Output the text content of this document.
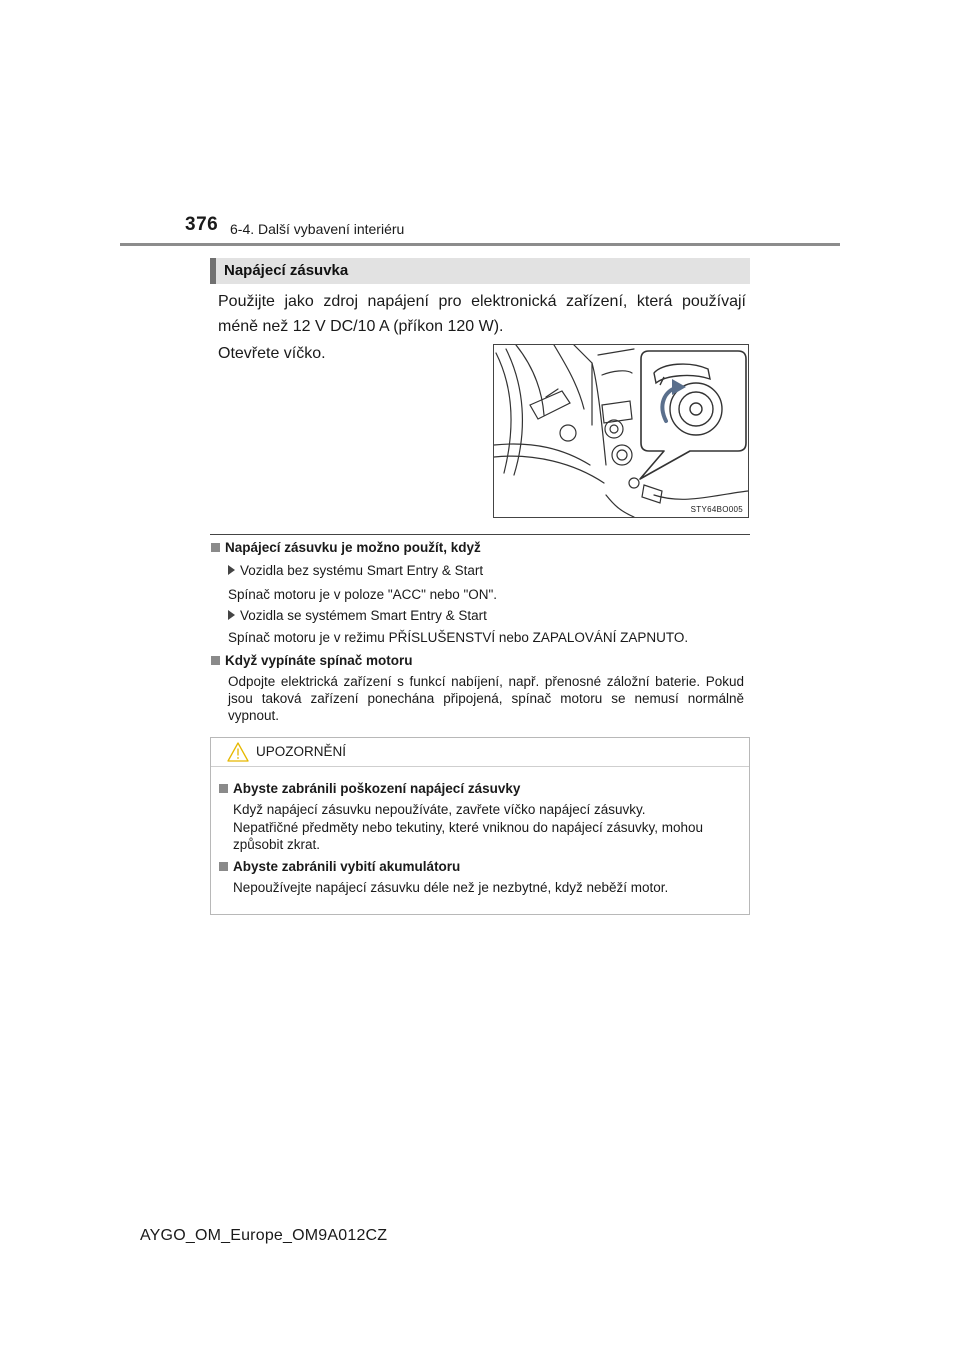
376 6-4. Další vybavení interiéru
Napájecí zásuvka
Použijte jako zdroj napájení pro elektronická zařízení, která používají méně než 12 V DC/10 A (příkon 120 W).
Otevřete víčko.
STY64BO005
Napájecí zásuvku je možno použít, když
Vozidla bez systému Smart Entry & Start
Spínač motoru je v poloze "ACC" nebo "ON".
Vozidla se systémem Smart Entry & Start
Spínač motoru je v režimu PŘÍSLUŠENSTVÍ nebo ZAPALOVÁNÍ ZAPNUTO.
Když vypínáte spínač motoru
Odpojte elektrická zařízení s funkcí nabíjení, např. přenosné záložní baterie. Pokud jsou taková zařízení ponechána připojená, spínač motoru se nemusí normálně vypnout.
UPOZORNĚNÍ
Abyste zabránili poškození napájecí zásuvky
Když napájecí zásuvku nepoužíváte, zavřete víčko napájecí zásuvky.
Nepatřičné předměty nebo tekutiny, které vniknou do napájecí zásuvky, mohou způsobit zkrat.
Abyste zabránili vybití akumulátoru
Nepoužívejte napájecí zásuvku déle než je nezbytné, když neběží motor.
AYGO_OM_Europe_OM9A012CZ
